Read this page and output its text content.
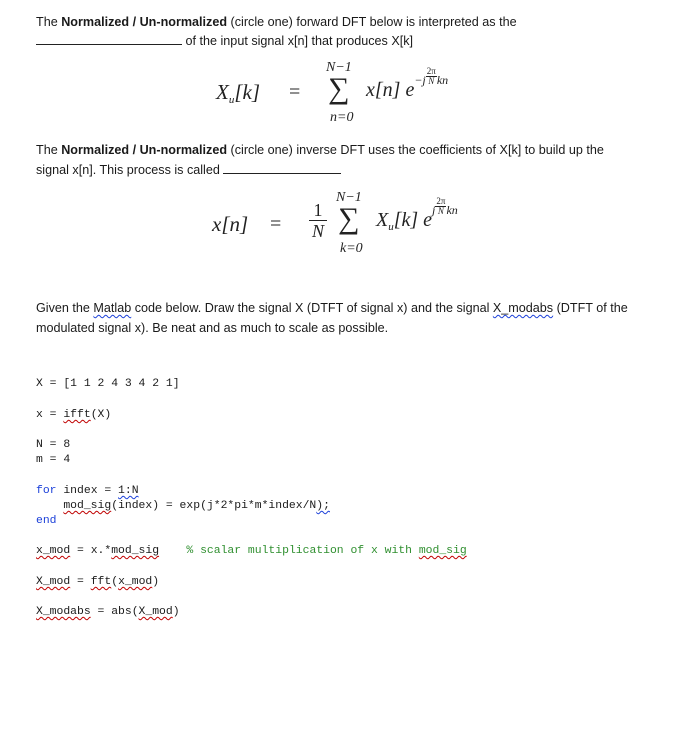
The Normalized / Un-normalized (circle one) forward DFT below is interpreted as the
of the input signal x[n] that produces X[k]
Xu[k] =
N−1
∑
n=0
x[n] $e^{-j \frac{2\pi}{N} kn}$
The Normalized / Un-normalized (circle one) inverse DFT uses the coefficients of X[k] to build up the
signal x[n]. This process is called
x[n] =
1
N
N−1
∑
k=0
$X_u[k]$ $e^{j \frac{2\pi}{N} kn}$
Given the Matlab code below. Draw the signal X (DTFT of signal x) and the signal X_modabs (DTFT of the
modulated signal x). Be neat and as much to scale as possible.
X = [1 1 2 4 3 4 2 1]
x = ifft(X)
N = 8
m = 4
for index = 1:N
mod_sig(index) = exp(j*2*pi*m*index/N);
end
x_mod = x.*mod_sig % scalar multiplication of x with mod_sig
X_mod = fft(x_mod)
X_modabs = abs(X_mod)
